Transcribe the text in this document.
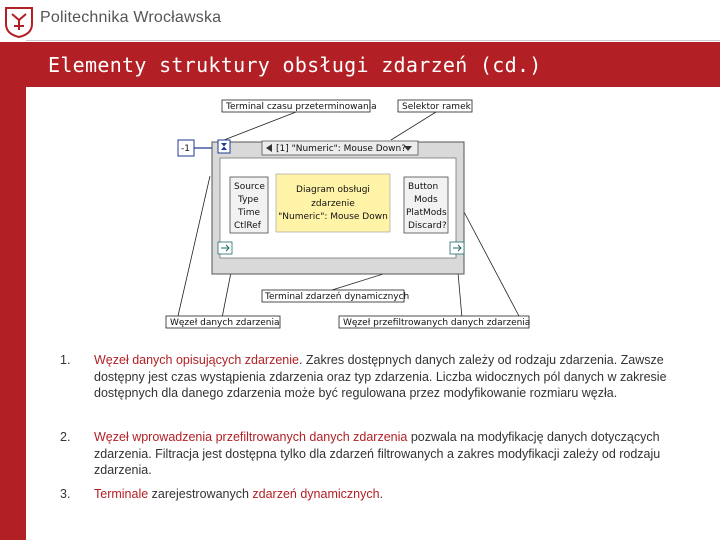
Politechnika Wrocławska
Elementy struktury obsługi zdarzeń (cd.)
Terminal czasu przeterminowania	Selektor ramek
Terminal zdarzeń dynamicznych
Węzeł danych zdarzenia	Węzeł przefiltrowanych danych zdarzenia
-1	[1] "Numeric": Mouse Down?
Source
Type
Time
CtlRef
Diagram obsługi
zdarzenie
"Numeric": Mouse Down
Button
Mods
PlatMods
Discard?
1.	Węzeł danych opisujących zdarzenie. Zakres dostępnych danych zależy od rodzaju zdarzenia. Zawsze dostępny jest czas wystąpienia zdarzenia oraz typ zdarzenia. Liczba widocznych pól danych w zakresie dostępnych dla danego zdarzenia może być regulowana przez modyfikowanie rozmiaru węzła.
2.	Węzeł wprowadzenia przefiltrowanych danych zdarzenia pozwala na modyfikację danych dotyczących zdarzenia. Filtracja jest dostępna tylko dla zdarzeń filtrowanych a zakres modyfikacji zależy od rodzaju zdarzenia.
3.	Terminale zarejestrowanych zdarzeń dynamicznych.
